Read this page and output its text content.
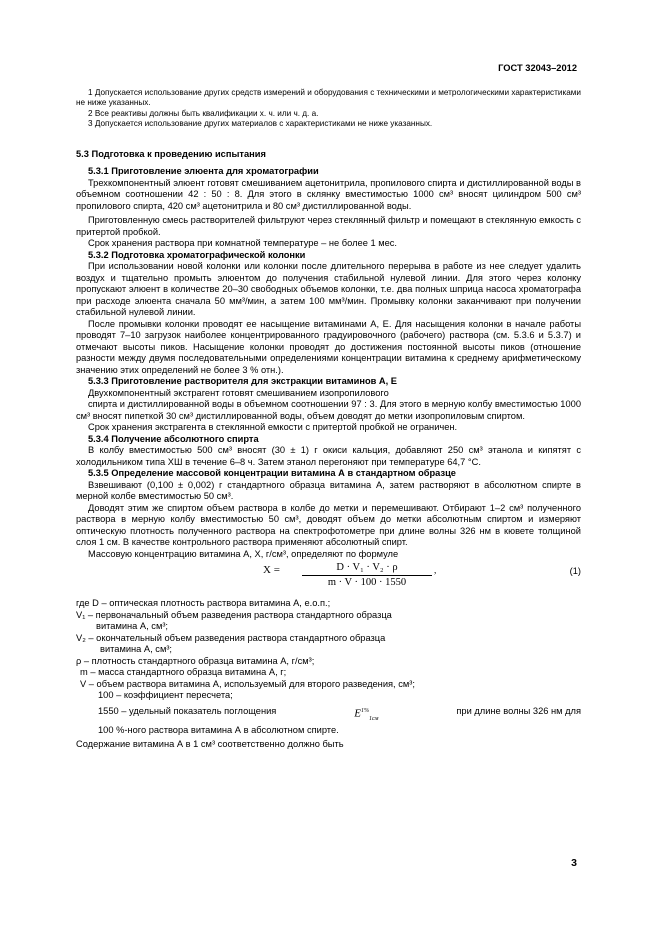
ГОСТ 32043–2012

1 Допускается использование других средств измерений и оборудования с техническими и метрологическими характеристиками не ниже указанных.

2 Все реактивы должны быть квалификации х. ч. или ч. д. а.

3 Допускается использование других материалов с характеристиками не ниже указанных.

5.3 Подготовка к проведению испытания
5.3.1 Приготовление элюента для хроматографии

Трехкомпонентный элюент готовят смешиванием ацетонитрила, пропилового спирта и дистиллированной воды в объемном соотношении 42 : 50 : 8. Для этого в склянку вместимостью 1000 см³ вносят цилиндром 500 см³ пропилового спирта, 420 см³ ацетонитрила и 80 см³ дистиллированной воды.

Приготовленную смесь растворителей фильтруют через стеклянный фильтр и помещают в стеклянную емкость с притертой пробкой.

Срок хранения раствора при комнатной температуре – не более 1 мес.

5.3.2 Подготовка хроматографической колонки

При использовании новой колонки или колонки после длительного перерыва в работе из нее следует удалить воздух и тщательно промыть элюентом до получения стабильной нулевой линии. Для этого через колонку пропускают элюент в количестве 20–30 свободных объемов колонки, т.е. два полных шприца насоса хроматографа при расходе элюента сначала 50 мм³/мин, а затем 100 мм³/мин. Промывку колонки заканчивают при получении стабильной нулевой линии.

После промывки колонки проводят ее насыщение витаминами А, Е. Для насыщения колонки в начале работы проводят 7–10 загрузок наиболее концентрированного градуировочного (рабочего) раствора (см. 5.3.6 и 5.3.7) и отмечают высоты пиков. Насыщение колонки проводят до достижения постоянной высоты пиков (отношение разности между двумя последовательными определениями концентрации витамина к среднему арифметическому значению этих определений не более 3 % отн.).

5.3.3 Приготовление растворителя для экстракции витаминов А, Е

Двухкомпонентный экстрагент готовят смешиванием изопропилового

спирта и дистиллированной воды в объемном соотношении 97 : 3. Для этого в мерную колбу вместимостью 1000 см³ вносят пипеткой 30 см³ дистиллированной воды, объем доводят до метки изопропиловым спиртом.

Срок хранения экстрагента в стеклянной емкости с притертой пробкой не ограничен.

5.3.4 Получение абсолютного спирта

В колбу вместимостью 500 см³ вносят (30 ± 1) г окиси кальция, добавляют 250 см³ этанола и кипятят с холодильником типа ХШ в течение 6–8 ч. Затем этанол перегоняют при температуре 64,7 °С.

5.3.5 Определение массовой концентрации витамина А в стандартном образце

Взвешивают (0,100 ± 0,002) г стандартного образца витамина А, затем растворяют в абсолютном спирте в мерной колбе вместимостью 50 см³.

Доводят этим же спиртом объем раствора в колбе до метки и перемешивают. Отбирают 1–2 см³ полученного раствора в мерную колбу вместимостью 50 см³, доводят объем до метки абсолютным спиртом и измеряют оптическую плотность полученного раствора на спектрофотометре при длине волны 326 нм в кювете толщиной слоя 1 см. В качестве контрольного раствора применяют абсолютный спирт.

Массовую концентрацию витамина А, X, г/см³, определяют по формуле

$X = \frac{\text{D · V₁ · V₂ · ρ}}{m \cdot V \cdot 100 \cdot 1550}$ ,	(1)
где D – оптическая плотность раствора витамина А, е.о.п.;
V₁ – первоначальный объем разведения раствора стандартного образца
витамина А, см³;
V₂ – окончательный объем разведения раствора стандартного образца
витамина А, см³;
ρ – плотность стандартного образца витамина А, г/см³;
m – масса стандартного образца витамина А, г;
V – объем раствора витамина А, используемый для второго разведения, см³;
100 – коэффициент пересчета;
1550 – удельный показатель поглощения	$E^{1\%}_{1см}$
при длине волны 326 нм для
100 %-ного раствора витамина А в абсолютном спирте.

Содержание витамина А в 1 см³ соответственно должно быть

3
